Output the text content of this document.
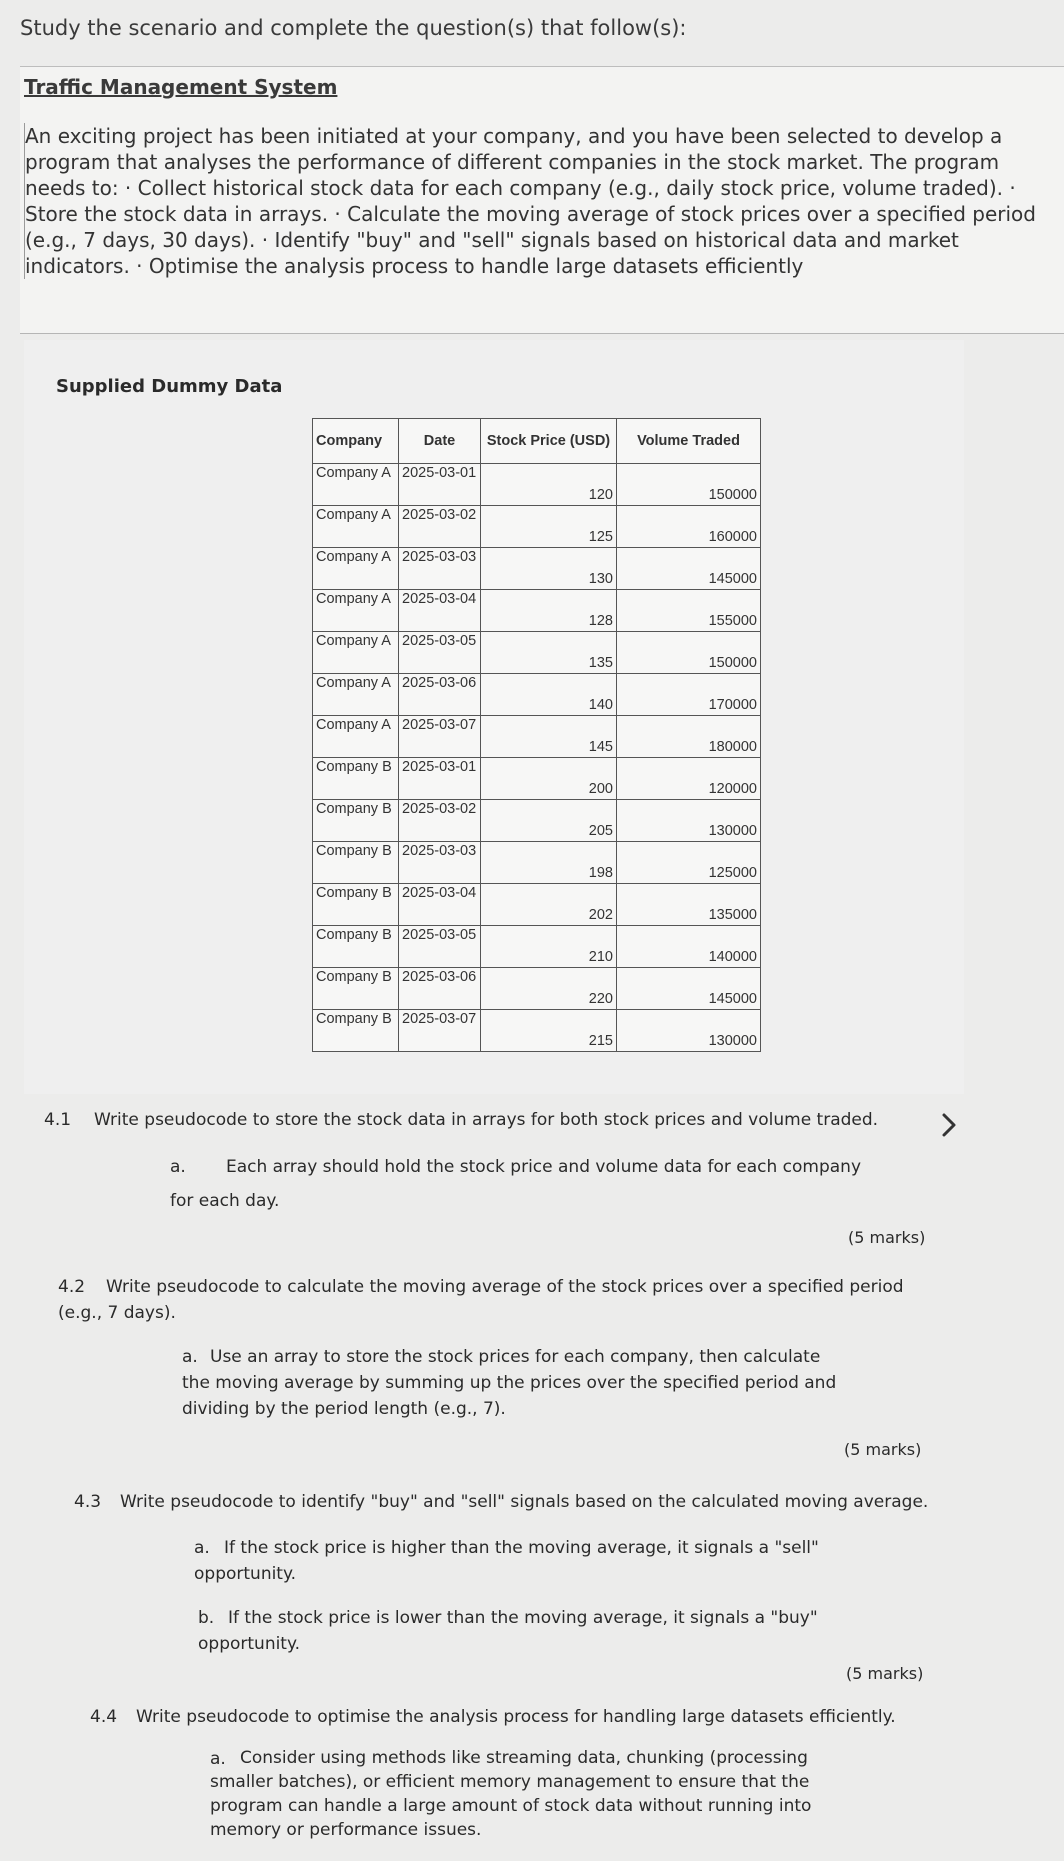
Study the scenario and complete the question(s) that follow(s):
Traffic Management System
An exciting project has been initiated at your company, and you have been selected to develop a program that analyses the performance of different companies in the stock market. The program needs to: · Collect historical stock data for each company (e.g., daily stock price, volume traded). · Store the stock data in arrays. · Calculate the moving average of stock prices over a specified period (e.g., 7 days, 30 days). · Identify "buy" and "sell" signals based on historical data and market indicators. · Optimise the analysis process to handle large datasets efficiently
Supplied Dummy Data
Company	Date	Stock Price (USD)	Volume Traded
Company A	2025-03-01	120	150000
Company A	2025-03-02	125	160000
Company A	2025-03-03	130	145000
Company A	2025-03-04	128	155000
Company A	2025-03-05	135	150000
Company A	2025-03-06	140	170000
Company A	2025-03-07	145	180000
Company B	2025-03-01	200	120000
Company B	2025-03-02	205	130000
Company B	2025-03-03	198	125000
Company B	2025-03-04	202	135000
Company B	2025-03-05	210	140000
Company B	2025-03-06	220	145000
Company B	2025-03-07	215	130000
4.1 Write pseudocode to store the stock data in arrays for both stock prices and volume traded.
a. Each array should hold the stock price and volume data for each company
for each day.
(5 marks)
4.2	Write pseudocode to calculate the moving average of the stock prices over a specified period (e.g., 7 days).
a. Use an array to store the stock prices for each company, then calculate the moving average by summing up the prices over the specified period and dividing by the period length (e.g., 7).
(5 marks)
4.3 Write pseudocode to identify "buy" and "sell" signals based on the calculated moving average.
a. If the stock price is higher than the moving average, it signals a "sell" opportunity.
b. If the stock price is lower than the moving average, it signals a "buy" opportunity.
(5 marks)
4.4 Write pseudocode to optimise the analysis process for handling large datasets efficiently.
a. Consider using methods like streaming data, chunking (processing smaller batches), or efficient memory management to ensure that the program can handle a large amount of stock data without running into memory or performance issues.
